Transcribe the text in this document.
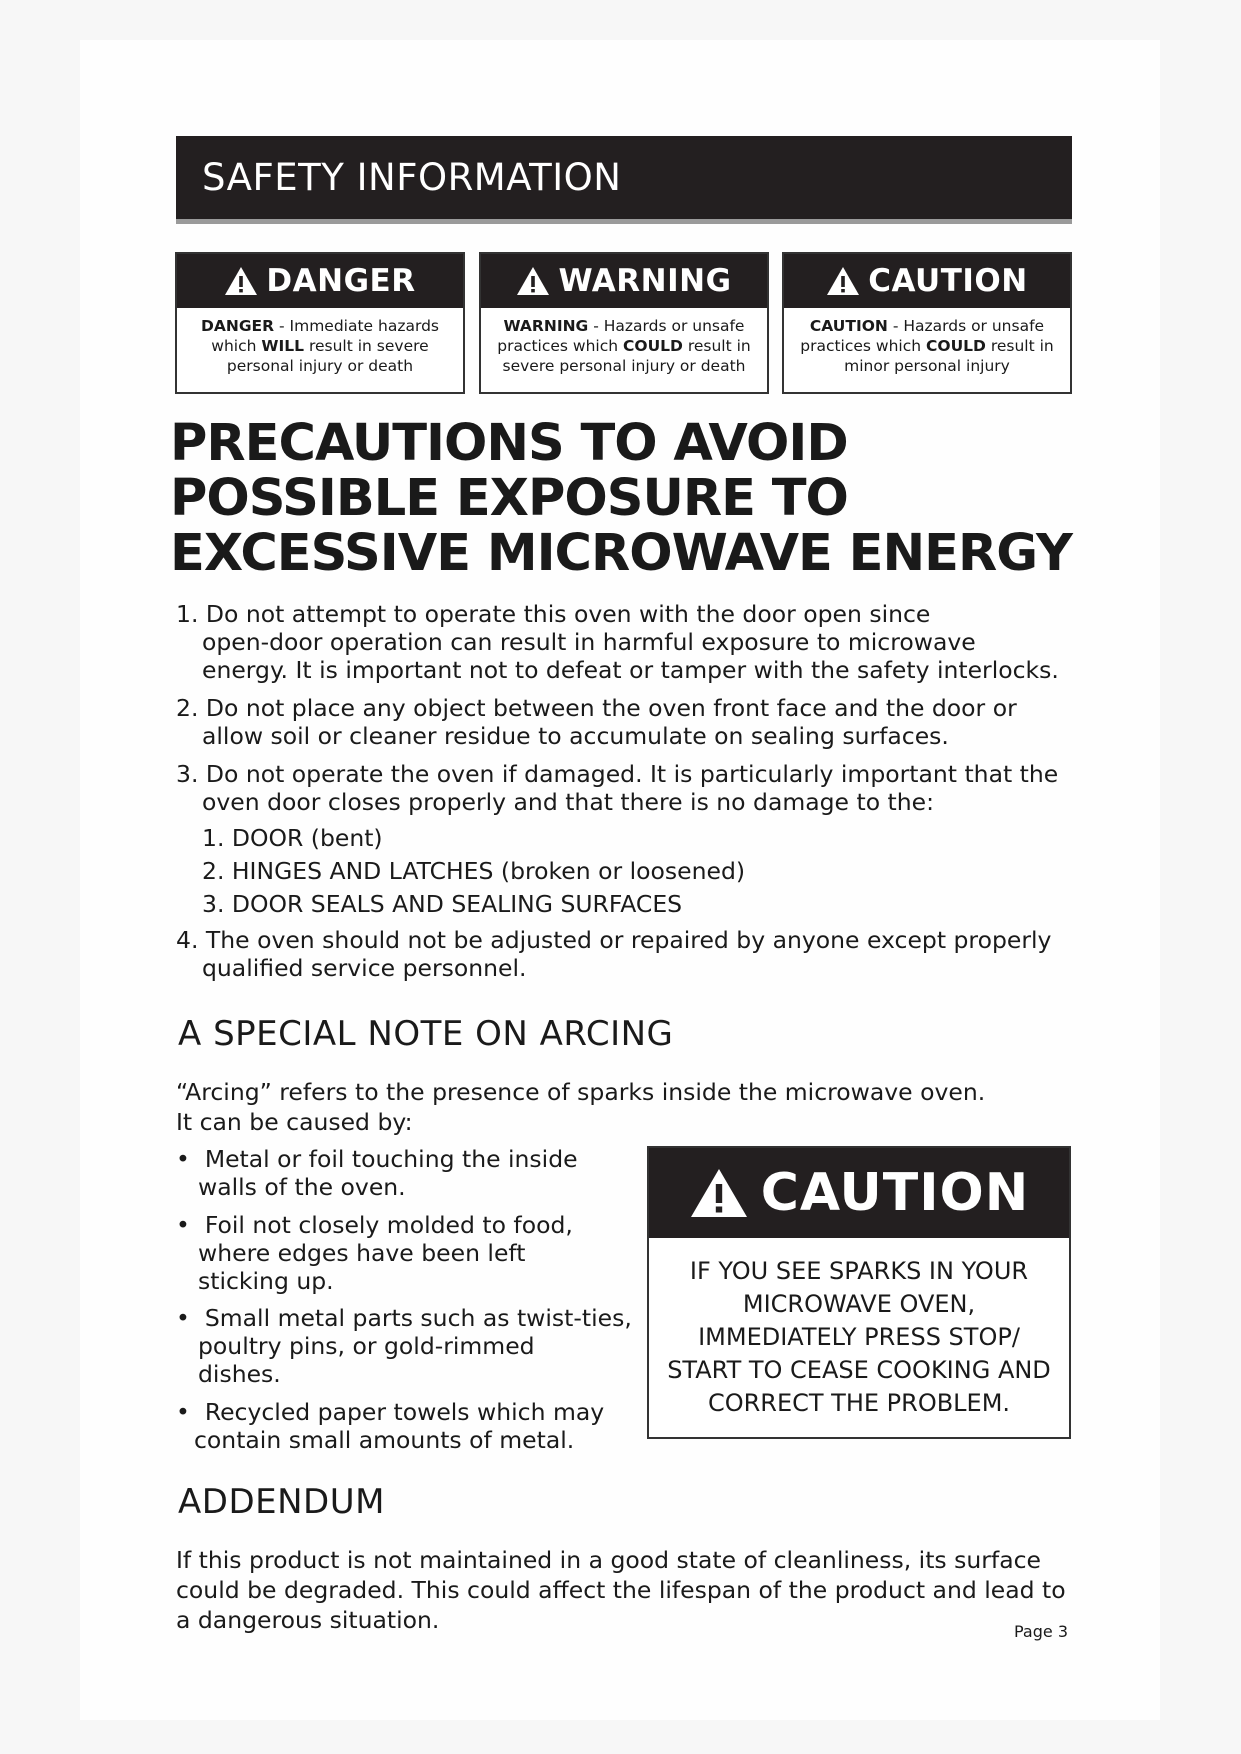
SAFETY INFORMATION
DANGER
DANGER - Immediate hazards
which WILL result in severe
personal injury or death
WARNING
WARNING - Hazards or unsafe
practices which COULD result in
severe personal injury or death
CAUTION
CAUTION - Hazards or unsafe
practices which COULD result in
minor personal injury
PRECAUTIONS TO AVOID
POSSIBLE EXPOSURE TO
EXCESSIVE MICROWAVE ENERGY
1. Do not attempt to operate this oven with the door open since
open-door operation can result in harmful exposure to microwave
energy. It is important not to defeat or tamper with the safety interlocks.
2. Do not place any object between the oven front face and the door or
allow soil or cleaner residue to accumulate on sealing surfaces.
3. Do not operate the oven if damaged. It is particularly important that the
oven door closes properly and that there is no damage to the:
1. DOOR (bent)
2. HINGES AND LATCHES (broken or loosened)
3. DOOR SEALS AND SEALING SURFACES
4. The oven should not be adjusted or repaired by anyone except properly
qualified service personnel.
A SPECIAL NOTE ON ARCING
“Arcing” refers to the presence of sparks inside the microwave oven.
It can be caused by:
• Metal or foil touching the inside
walls of the oven.
• Foil not closely molded to food,
where edges have been left
sticking up.
• Small metal parts such as twist-ties,
poultry pins, or gold-rimmed
dishes.
• Recycled paper towels which may
contain small amounts of metal.
CAUTION
IF YOU SEE SPARKS IN YOUR
MICROWAVE OVEN,
IMMEDIATELY PRESS STOP/
START TO CEASE COOKING AND
CORRECT THE PROBLEM.
ADDENDUM
If this product is not maintained in a good state of cleanliness, its surface
could be degraded. This could affect the lifespan of the product and lead to
a dangerous situation.	Page 3
